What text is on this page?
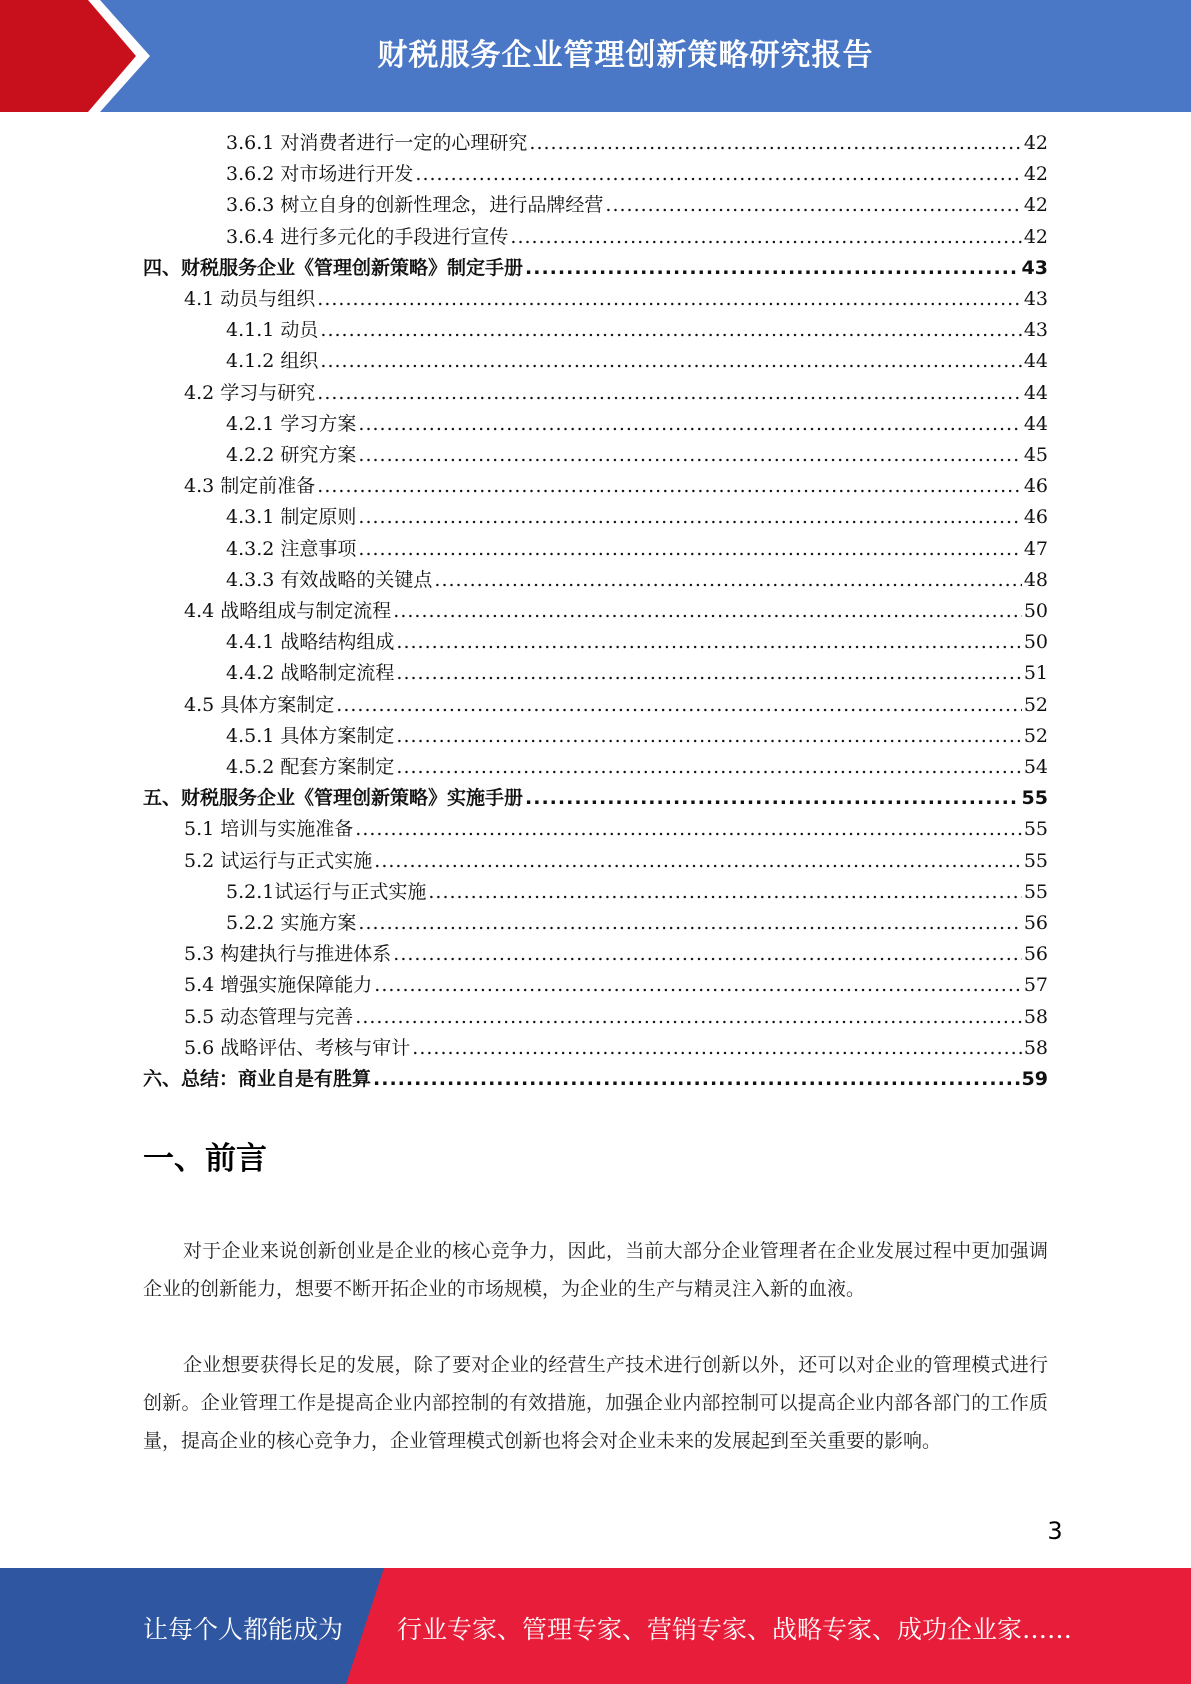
财税服务企业管理创新策略研究报告
3.6.1 对消费者进行一定的心理研究 .....	42
3.6.2 对市场进行开发 .....	42
3.6.3 树立自身的创新性理念，进行品牌经营 .....	42
3.6.4 进行多元化的手段进行宣传 .....	42
四、 财税服务企业《管理创新策略》制定手册 .....	43
4.1 动员与组织 .....	43
4.1.1 动员 .....	43
4.1.2 组织 .....	44
4.2 学习与研究 .....	44
4.2.1 学习方案 .....	44
4.2.2 研究方案 .....	45
4.3 制定前准备 .....	46
4.3.1 制定原则 .....	46
4.3.2 注意事项 .....	47
4.3.3 有效战略的关键点 .....	48
4.4 战略组成与制定流程 .....	50
4.4.1 战略结构组成 .....	50
4.4.2 战略制定流程 .....	51
4.5 具体方案制定 .....	52
4.5.1 具体方案制定 .....	52
4.5.2 配套方案制定 .....	54
五、 财税服务企业《管理创新策略》实施手册 .....	55
5.1 培训与实施准备 .....	55
5.2 试运行与正式实施 .....	55
5.2.1 试运行与正式实施 .....	55
5.2.2 实施方案 .....	56
5.3 构建执行与推进体系 .....	56
5.4 增强实施保障能力 .....	57
5.5 动态管理与完善 .....	58
5.6 战略评估、考核与审计 .....	58
六、 总结：商业自是有胜算 .....	59
一、前言
对于企业来说创新创业是企业的核心竞争力，因此，当前大部分企业管理者在企业发展过程中更加强调企业的创新能力，想要不断开拓企业的市场规模，为企业的生产与精灵注入新的血液。
企业想要获得长足的发展，除了要对企业的经营生产技术进行创新以外，还可以对企业的管理模式进行创新。企业管理工作是提高企业内部控制的有效措施，加强企业内部控制可以提高企业内部各部门的工作质量，提高企业的核心竞争力，企业管理模式创新也将会对企业未来的发展起到至关重要的影响。
3
让每个人都能成为 行业专家、管理专家、营销专家、战略专家、成功企业家……
